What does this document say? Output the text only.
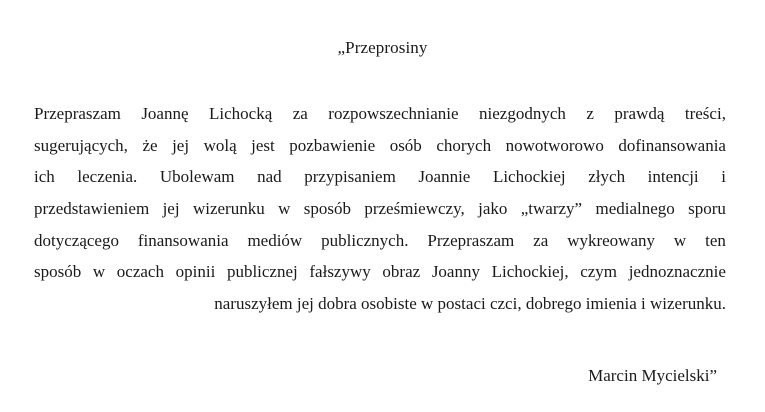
„Przeprosiny
Przepraszam Joannę Lichocką za rozpowszechnianie niezgodnych z prawdą treści,
sugerujących, że jej wolą jest pozbawienie osób chorych nowotworowo dofinansowania
ich leczenia. Ubolewam nad przypisaniem Joannie Lichockiej złych intencji i
przedstawieniem jej wizerunku w sposób prześmiewczy, jako „twarzy” medialnego sporu
dotyczącego finansowania mediów publicznych. Przepraszam za wykreowany w ten
sposób w oczach opinii publicznej fałszywy obraz Joanny Lichockiej, czym jednoznacznie
naruszyłem jej dobra osobiste w postaci czci, dobrego imienia i wizerunku.
Marcin Mycielski”
